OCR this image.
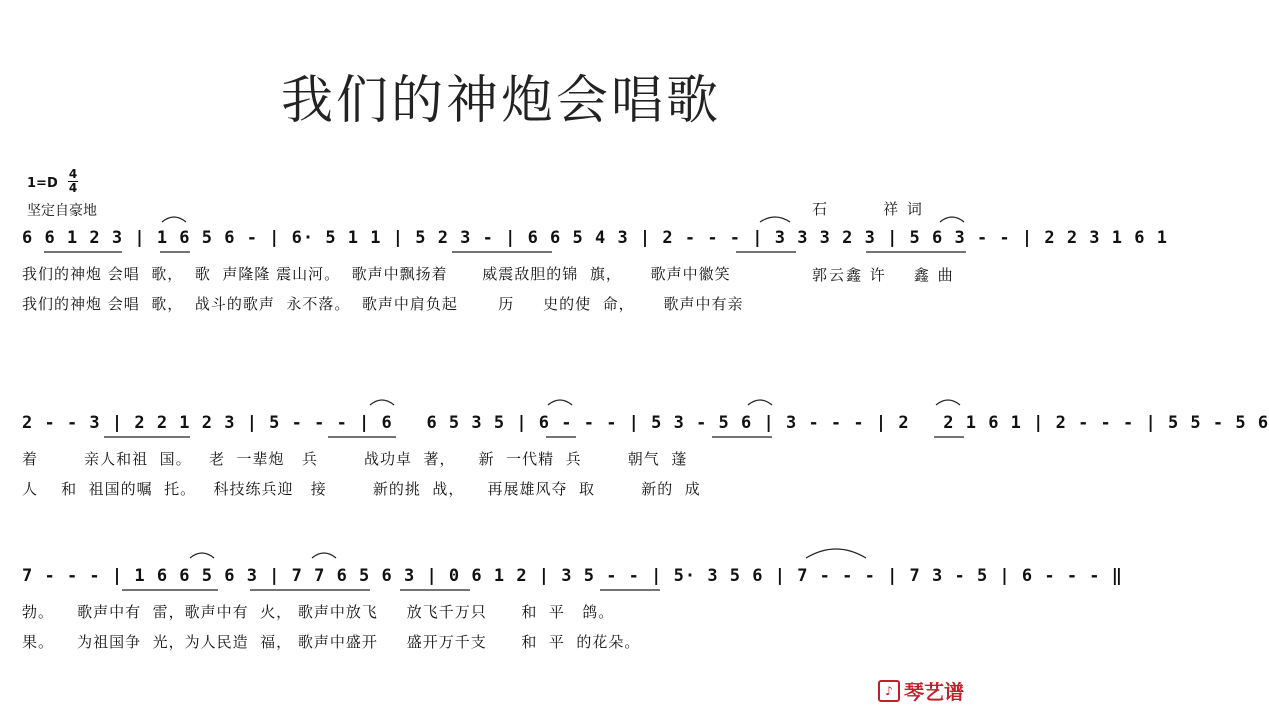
我们的神炮会唱歌

石        祥 词

郭云鑫 许    鑫 曲

1=D
4
4
坚定自豪地
6 6 1 2 3 | 1 6 5 6 - | 6· 5 1 1 | 5 2 3 - | 6 6 5 4 3 | 2 - - - | 3 3 3 2 3 | 5 6 3 - - | 2 2 3 1 6 1
我们的神炮 会唱  歌，  歌  声隆隆 震山河。  歌声中飘扬着      威震敌胆的锦  旗，     歌声中徽笑
我们的神炮 会唱  歌，  战斗的歌声  永不落。  歌声中肩负起       历     史的使  命，     歌声中有亲
2 - - 3 | 2 2 1 2 3 | 5 - - - | 6   6 5 3 5 | 6 - - - | 5 3 - 5 6 | 3 - - - | 2   2 1 6 1 | 2 - - - | 5 5 - 5 6
着        亲人和祖  国。   老  一辈炮   兵        战功卓  著，    新  一代精  兵        朝气  蓬
人    和  祖国的嘱  托。   科技练兵迎   接        新的挑  战，    再展雄风夺  取        新的  成
7 - - - | 1 6 6 5 6 3 | 7 7 6 5 6 3 | 0 6 1 2 | 3 5 - - | 5· 3 5 6 | 7 - - - | 7 3 - 5 | 6 - - - ‖
勃。    歌声中有  雷，歌声中有  火， 歌声中放飞     放飞千万只      和  平   鸽。
果。    为祖国争  光，为人民造  福， 歌声中盛开     盛开万千支      和  平  的花朵。
♪ 琴艺谱
